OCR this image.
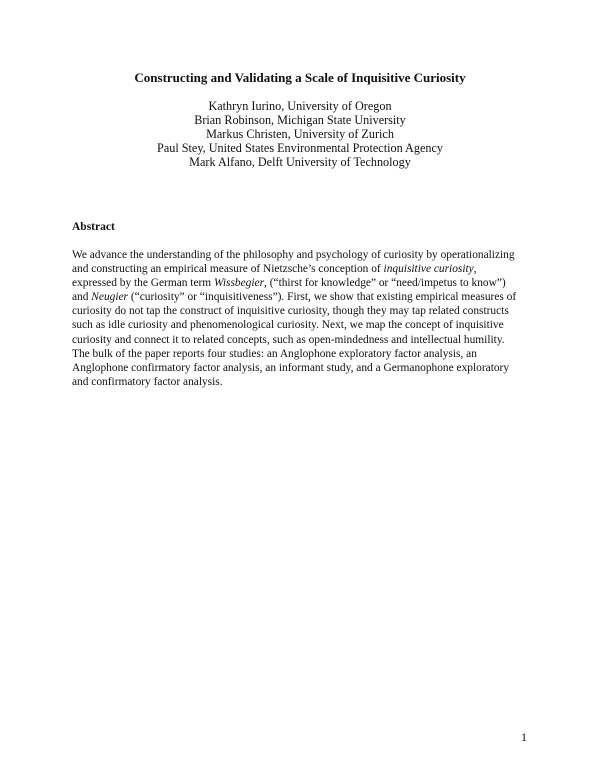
Constructing and Validating a Scale of Inquisitive Curiosity
Kathryn Iurino, University of Oregon
Brian Robinson, Michigan State University
Markus Christen, University of Zurich
Paul Stey, United States Environmental Protection Agency
Mark Alfano, Delft University of Technology
Abstract
We advance the understanding of the philosophy and psychology of curiosity by operationalizing
and constructing an empirical measure of Nietzsche’s conception of inquisitive curiosity,
expressed by the German term Wissbegier, (“thirst for knowledge” or “need/impetus to know”)
and Neugier (“curiosity” or “inquisitiveness”). First, we show that existing empirical measures of
curiosity do not tap the construct of inquisitive curiosity, though they may tap related constructs
such as idle curiosity and phenomenological curiosity. Next, we map the concept of inquisitive
curiosity and connect it to related concepts, such as open-mindedness and intellectual humility.
The bulk of the paper reports four studies: an Anglophone exploratory factor analysis, an
Anglophone confirmatory factor analysis, an informant study, and a Germanophone exploratory
and confirmatory factor analysis.
1
